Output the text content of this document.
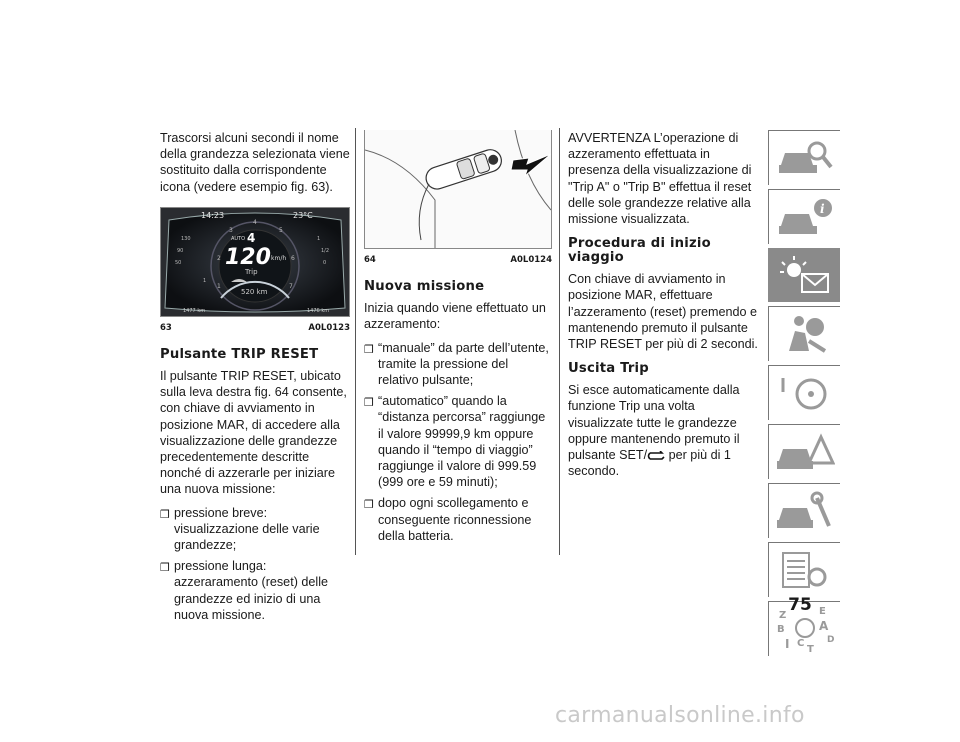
Trascorsi alcuni secondi il nome della grandezza selezionata viene sostituito dalla corrispondente icona (vedere esempio fig. 63).

14:23	23°C
AUTO 4
120 km/h
Trip
520 km
130
90
50
1
1
1/2
0
1
2
3
4
5
6
7
1477 km	1476 km
63	A0L0123
Pulsante TRIP RESET

Il pulsante TRIP RESET, ubicato sulla leva destra fig. 64 consente, con chiave di avviamento in posizione MAR, di accedere alla visualizzazione delle grandezze precedentemente descritte nonché di azzerarle per iniziare una nuova missione:

❒ pressione breve: visualizzazione delle varie grandezze;
❒ pressione lunga: azzeraramento (reset) delle grandezze ed inizio di una nuova missione.
64	A0L0124
Nuova missione

Inizia quando viene effettuato un azzeramento:

❒ “manuale” da parte dell’utente, tramite la pressione del relativo pulsante;
❒ “automatico” quando la “distanza percorsa” raggiunge il valore 99999,9 km oppure quando il “tempo di viaggio” raggiunge il valore di 999.59 (999 ore e 59 minuti);
❒ dopo ogni scollegamento e conseguente riconnessione della batteria.

AVVERTENZA L’operazione di azzeramento effettuata in presenza della visualizzazione di "Trip A" o "Trip B" effettua il reset delle sole grandezze relative alla missione visualizzata.

Procedura di inizio viaggio

Con chiave di avviamento in posizione MAR, effettuare l’azzeramento (reset) premendo e mantenendo premuto il pulsante TRIP RESET per più di 2 secondi.

Uscita Trip

Si esce automaticamente dalla funzione Trip una volta visualizzate tutte le grandezze oppure mantenendo premuto il pulsante SET/ per più di 1 secondo.

i
Z	E
B	A
D
I C
T
75
carmanualsonline.info
